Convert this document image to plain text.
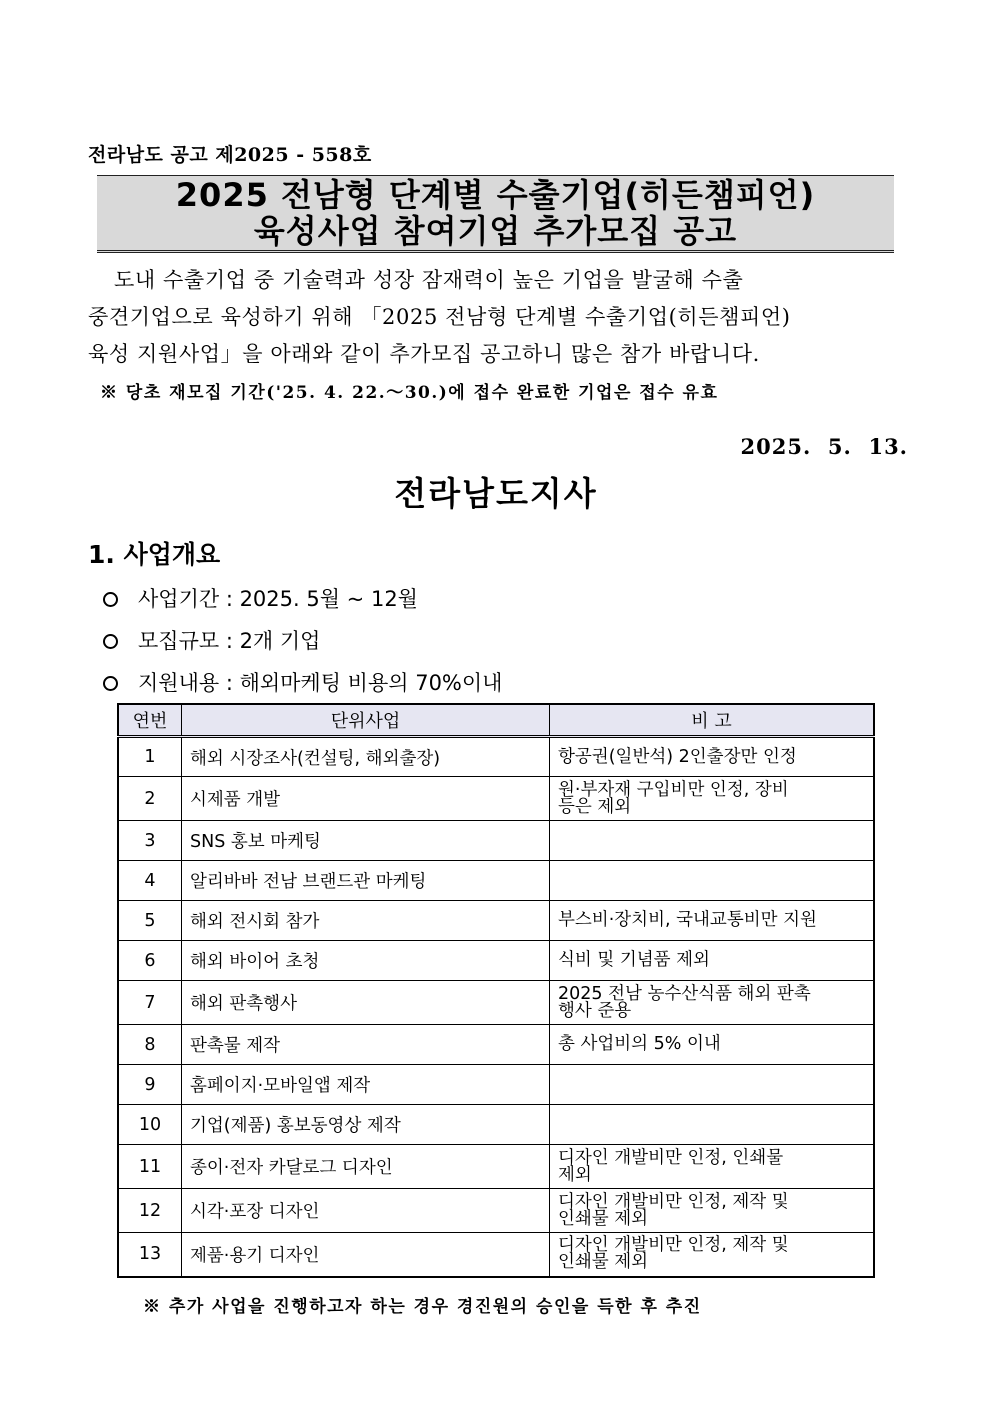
전라남도 공고 제2025 - 558호
2025 전남형 단계별 수출기업(히든챔피언)
육성사업 참여기업 추가모집 공고

도내 수출기업 중 기술력과 성장 잠재력이 높은 기업을 발굴해 수출

중견기업으로 육성하기 위해 「2025 전남형 단계별 수출기업(히든챔피언)

육성 지원사업」을 아래와 같이 추가모집 공고하니 많은 참가 바랍니다.

※ 당초 재모집 기간('25. 4. 22.～30.)에 접수 완료한 기업은 접수 유효
2025.  5.  13.
전라남도지사
1. 사업개요
사업기간 : 2025. 5월 ~ 12월
모집규모 : 2개 기업
지원내용 : 해외마케팅 비용의 70%이내
연번	단위사업	비 고
1	해외 시장조사(컨설팅, 해외출장)	항공권(일반석) 2인출장만 인정

2	시제품 개발	원·부자재 구입비만 인정, 장비
등은 제외

3	SNS 홍보 마케팅	

4	알리바바 전남 브랜드관 마케팅	

5	해외 전시회 참가	부스비·장치비, 국내교통비만 지원

6	해외 바이어 초청	식비 및 기념품 제외

7	해외 판촉행사	2025 전남 농수산식품 해외 판촉
행사 준용

8	판촉물 제작	총 사업비의 5% 이내

9	홈페이지·모바일앱 제작	

10	기업(제품) 홍보동영상 제작	

11	종이·전자 카달로그 디자인	디자인 개발비만 인정, 인쇄물
제외

12	시각·포장 디자인	디자인 개발비만 인정, 제작 및
인쇄물 제외

13	제품·용기 디자인	디자인 개발비만 인정, 제작 및
인쇄물 제외
※ 추가 사업을 진행하고자 하는 경우 경진원의 승인을 득한 후 추진
